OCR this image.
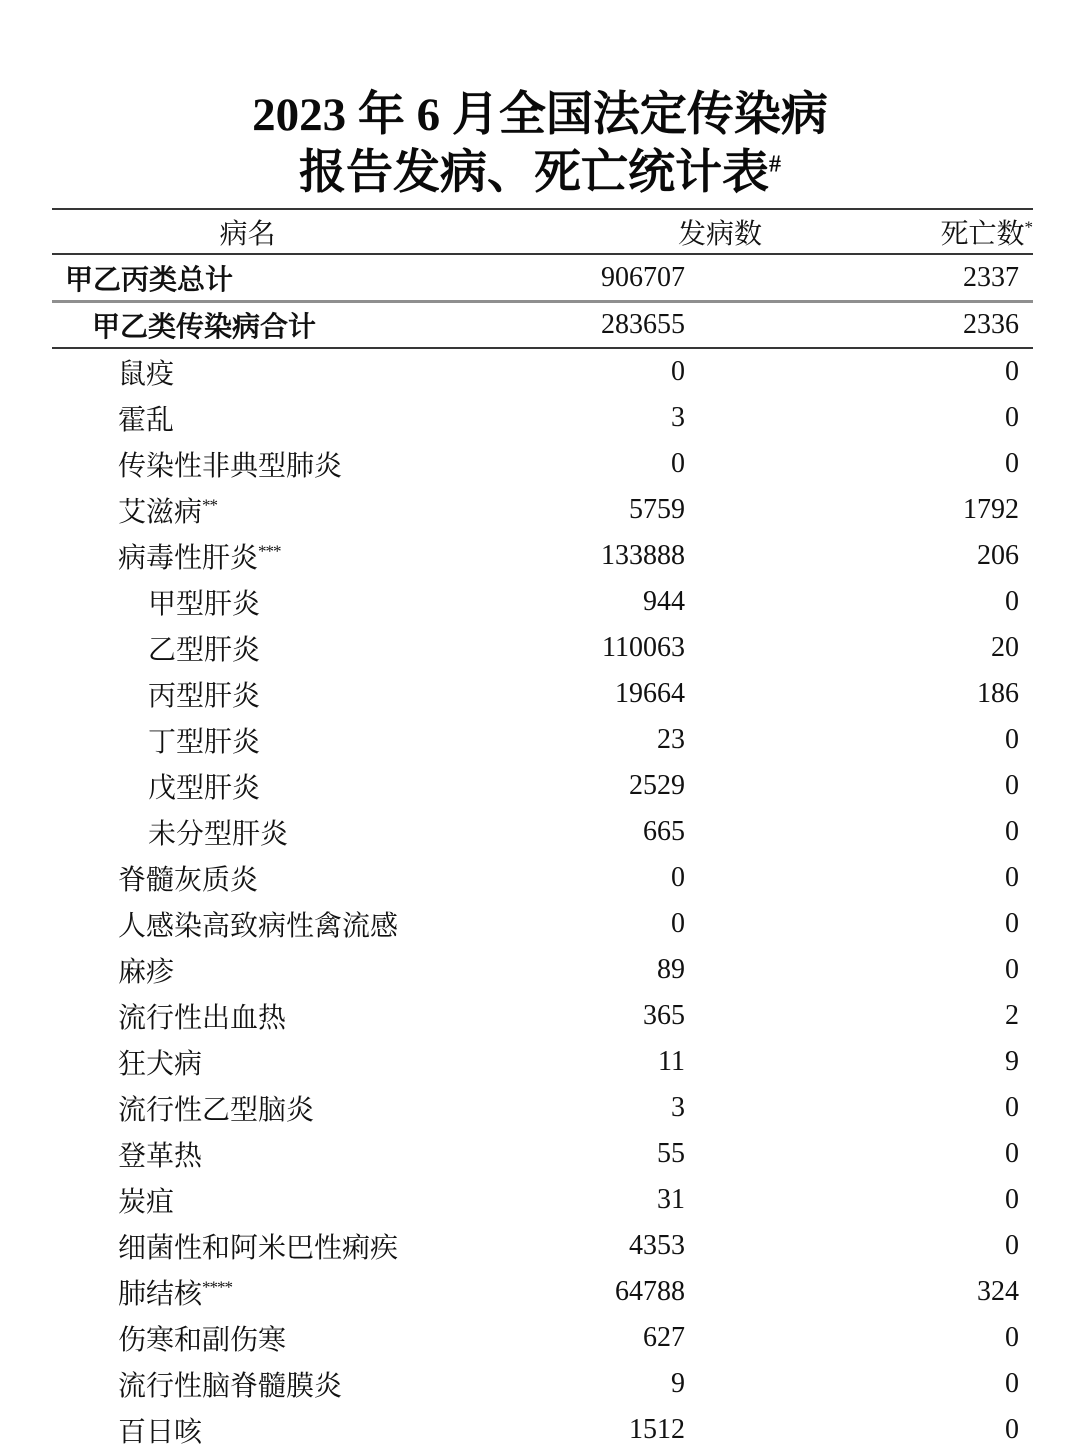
2023 年 6 月全国法定传染病
报告发病、死亡统计表#
病名	发病数	死亡数*
甲乙丙类总计	906707	2337
甲乙类传染病合计	283655	2336
鼠疫	0	0
霍乱	3	0
传染性非典型肺炎	0	0
艾滋病**	5759	1792
病毒性肝炎***	133888	206
甲型肝炎	944	0
乙型肝炎	110063	20
丙型肝炎	19664	186
丁型肝炎	23	0
戊型肝炎	2529	0
未分型肝炎	665	0
脊髓灰质炎	0	0
人感染高致病性禽流感	0	0
麻疹	89	0
流行性出血热	365	2
狂犬病	11	9
流行性乙型脑炎	3	0
登革热	55	0
炭疽	31	0
细菌性和阿米巴性痢疾	4353	0
肺结核****	64788	324
伤寒和副伤寒	627	0
流行性脑脊髓膜炎	9	0
百日咳	1512	0
